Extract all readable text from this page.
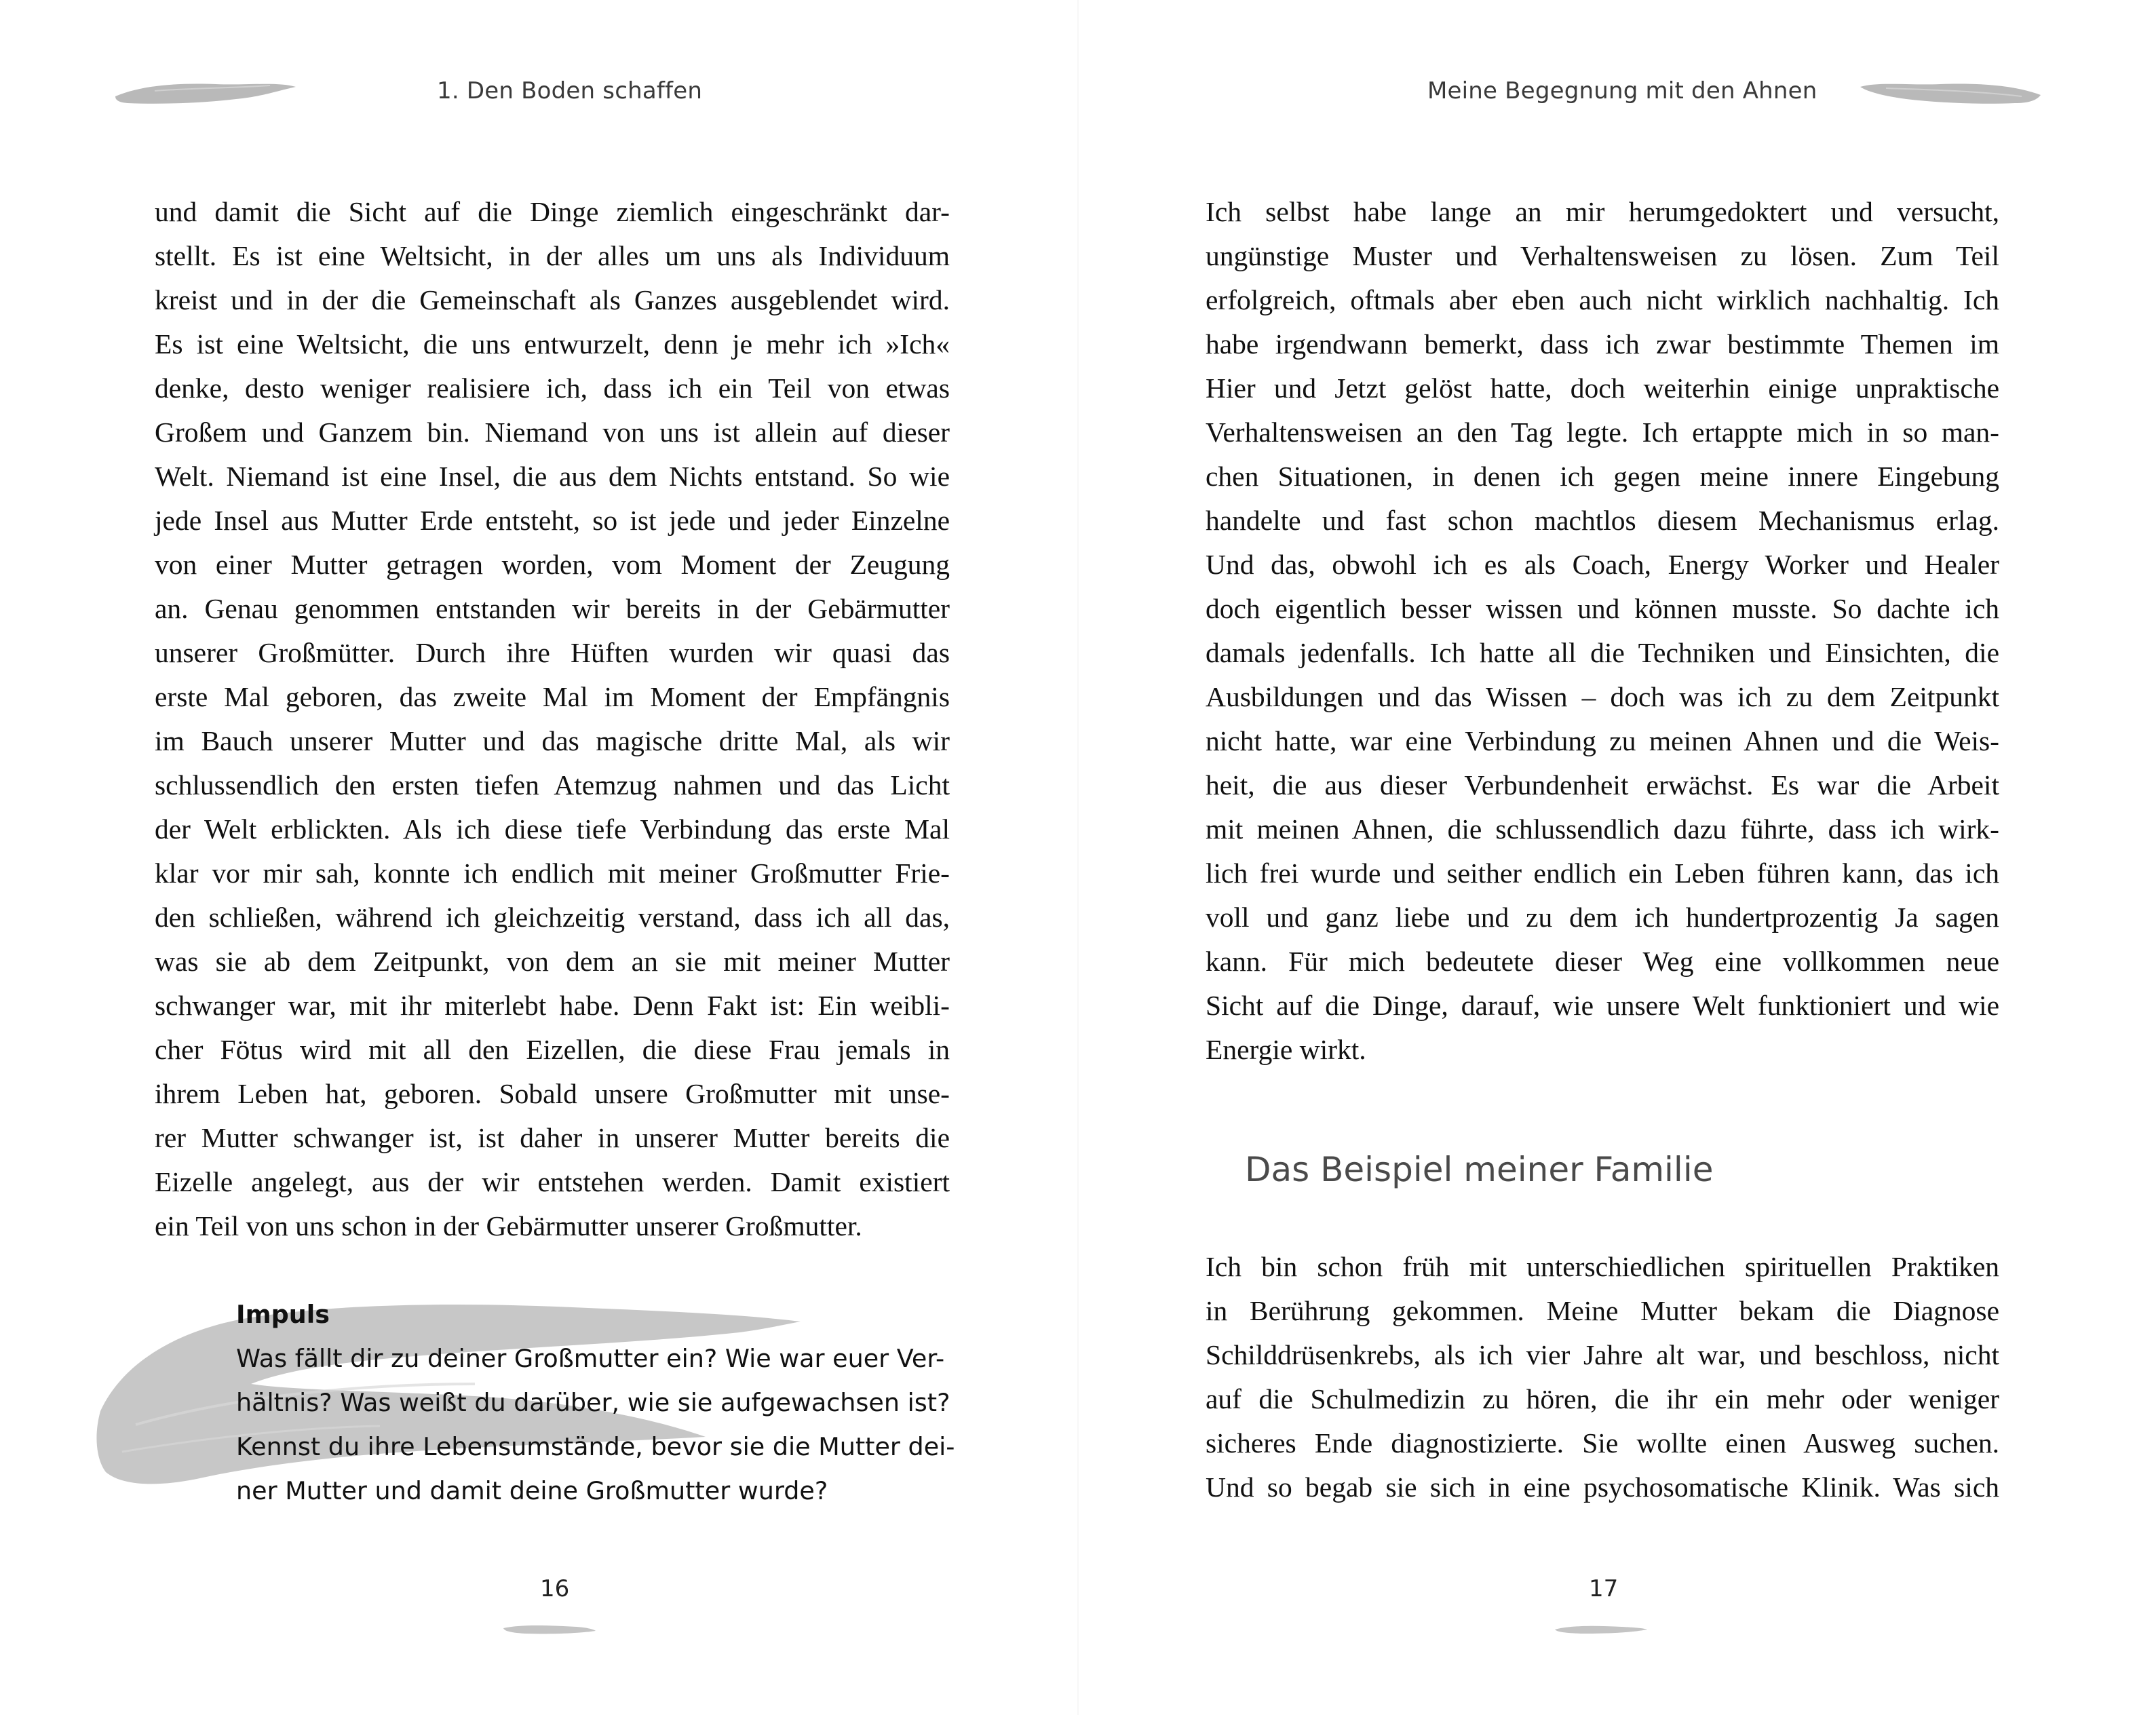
1. Den Boden schaffen	Meine Begegnung mit den Ahnen
und damit die Sicht auf die Dinge ziemlich eingeschränkt dar-
stellt. Es ist eine Weltsicht, in der alles um uns als Individuum
kreist und in der die Gemeinschaft als Ganzes ausgeblendet wird.
Es ist eine Weltsicht, die uns entwurzelt, denn je mehr ich »Ich«
denke, desto weniger realisiere ich, dass ich ein Teil von etwas
Großem und Ganzem bin. Niemand von uns ist allein auf dieser
Welt. Niemand ist eine Insel, die aus dem Nichts entstand. So wie
jede Insel aus Mutter Erde entsteht, so ist jede und jeder Einzelne
von einer Mutter getragen worden, vom Moment der Zeugung
an. Genau genommen entstanden wir bereits in der Gebärmutter
unserer Großmütter. Durch ihre Hüften wurden wir quasi das
erste Mal geboren, das zweite Mal im Moment der Empfängnis
im Bauch unserer Mutter und das magische dritte Mal, als wir
schlussendlich den ersten tiefen Atemzug nahmen und das Licht
der Welt erblickten. Als ich diese tiefe Verbindung das erste Mal
klar vor mir sah, konnte ich endlich mit meiner Großmutter Frie-
den schließen, während ich gleichzeitig verstand, dass ich all das,
was sie ab dem Zeitpunkt, von dem an sie mit meiner Mutter
schwanger war, mit ihr miterlebt habe. Denn Fakt ist: Ein weibli-
cher Fötus wird mit all den Eizellen, die diese Frau jemals in
ihrem Leben hat, geboren. Sobald unsere Großmutter mit unse-
rer Mutter schwanger ist, ist daher in unserer Mutter bereits die
Eizelle angelegt, aus der wir entstehen werden. Damit existiert
ein Teil von uns schon in der Gebärmutter unserer Großmutter.
Impuls
Was fällt dir zu deiner Großmutter ein? Wie war euer Ver-
hältnis? Was weißt du darüber, wie sie aufgewachsen ist?
Kennst du ihre Lebensumstände, bevor sie die Mutter dei-
ner Mutter und damit deine Großmutter wurde?
Ich selbst habe lange an mir herumgedoktert und versucht,
ungünstige Muster und Verhaltensweisen zu lösen. Zum Teil
erfolgreich, oftmals aber eben auch nicht wirklich nachhaltig. Ich
habe irgendwann bemerkt, dass ich zwar bestimmte Themen im
Hier und Jetzt gelöst hatte, doch weiterhin einige unpraktische
Verhaltensweisen an den Tag legte. Ich ertappte mich in so man-
chen Situationen, in denen ich gegen meine innere Eingebung
handelte und fast schon machtlos diesem Mechanismus erlag.
Und das, obwohl ich es als Coach, Energy Worker und Healer
doch eigentlich besser wissen und können musste. So dachte ich
damals jedenfalls. Ich hatte all die Techniken und Einsichten, die
Ausbildungen und das Wissen – doch was ich zu dem Zeitpunkt
nicht hatte, war eine Verbindung zu meinen Ahnen und die Weis-
heit, die aus dieser Verbundenheit erwächst. Es war die Arbeit
mit meinen Ahnen, die schlussendlich dazu führte, dass ich wirk-
lich frei wurde und seither endlich ein Leben führen kann, das ich
voll und ganz liebe und zu dem ich hundertprozentig Ja sagen
kann. Für mich bedeutete dieser Weg eine vollkommen neue
Sicht auf die Dinge, darauf, wie unsere Welt funktioniert und wie
Energie wirkt.
Das Beispiel meiner Familie
Ich bin schon früh mit unterschiedlichen spirituellen Praktiken
in Berührung gekommen. Meine Mutter bekam die Diagnose
Schilddrüsenkrebs, als ich vier Jahre alt war, und beschloss, nicht
auf die Schulmedizin zu hören, die ihr ein mehr oder weniger
sicheres Ende diagnostizierte. Sie wollte einen Ausweg suchen.
Und so begab sie sich in eine psychosomatische Klinik. Was sich
16	17
